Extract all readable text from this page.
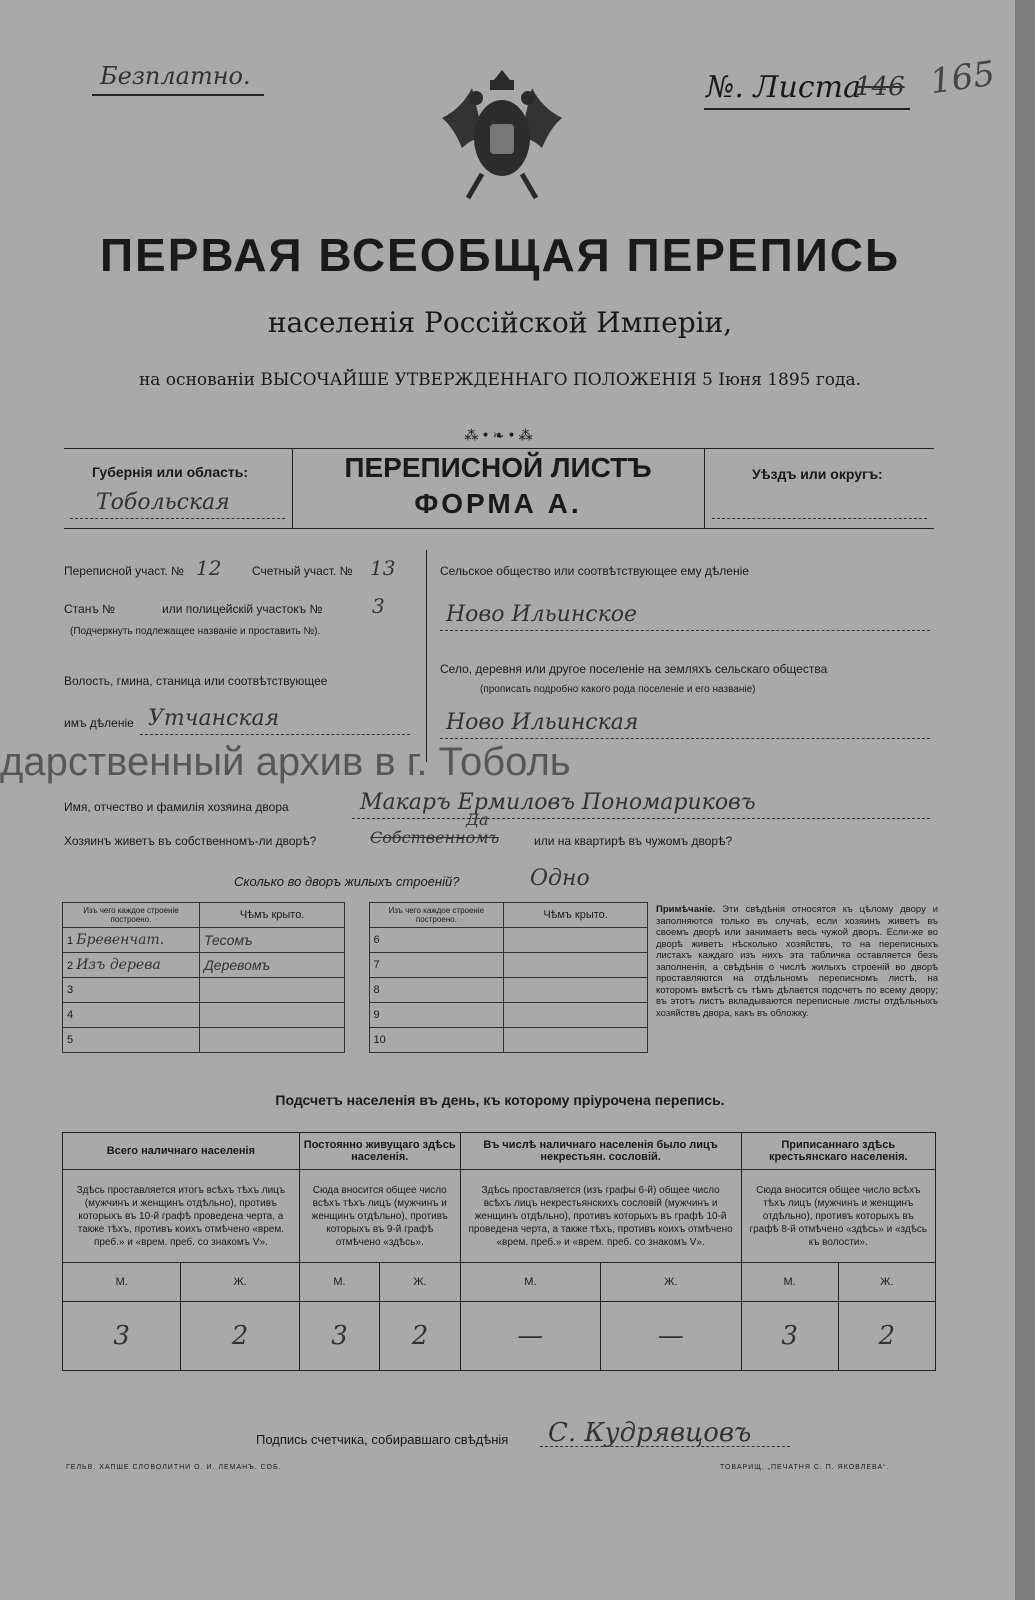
Безплатно.	№. Листа
146 165
ПЕРВАЯ ВСЕОБЩАЯ ПЕРЕПИСЬ
населенія Россійской Имперіи,
на основаніи ВЫСОЧАЙШЕ УТВЕРЖДЕННАГО ПОЛОЖЕНІЯ 5 Іюня 1895 года.
⁂•❧•⁂
Губернія или область:
Тобольская
ПЕРЕПИСНОЙ ЛИСТЪ
ФОРМА А.
Уѣздъ или округъ:
Переписной участ. № 12	Счетный участ. № 13
Станъ №	или полицейскій участокъ № 3
(Подчеркнуть подлежащее названіе и проставить №).
Волость, гмина, станица или соотвѣтствующее
имъ дѣленіе Утчанская
Сельское общество или соотвѣтствующее ему дѣленіе
Ново Ильинское
Село, деревня или другое поселеніе на земляхъ сельскаго общества
(прописать подробно какого рода поселеніе и его названіе)
Ново Ильинская
дарственный архив в г. Тоболь
Имя, отчество и фамилія хозяина двора	Макаръ Ермиловъ Пономариковъ
Хозяинъ живетъ въ собственномъ-ли дворѣ?	Собственномъ
Да
или на квартирѣ въ чужомъ дворѣ?
Сколько во дворъ жилыхъ строеній?	Одно
Изъ чего каждое строеніе построено.	Чѣмъ крыто.		Изъ чего каждое строеніе построено.	Чѣмъ крыто.
1 Бревенчат.	Тесомъ		6	
2 Изъ дерева	Деревомъ		7	
3			8	
4			9	
5			10	
Примѣчаніе. Эти свѣдѣнія относятся къ цѣлому двору и заполняются только въ случаѣ, если хозяинъ живетъ въ своемъ дворѣ или занимаетъ весь чужой дворъ. Если-же во дворѣ живетъ нѣсколько хозяйствъ, то на переписныхъ листахъ каждаго изъ нихъ эта табличка оставляется безъ заполненія, а свѣдѣнія о числѣ жилыхъ строеній во дворѣ проставляются на отдѣльномъ переписномъ листѣ, на которомъ вмѣстѣ съ тѣмъ дѣлается подсчетъ по всему двору; въ этотъ листъ вкладываются переписные листы отдѣльныхъ хозяйствъ двора, какъ въ обложку.
Подсчетъ населенія въ день, къ которому пріурочена перепись.
Всего наличнаго населенія		Постоянно живущаго здѣсь населенія.		Въ числѣ наличнаго населенія было лицъ некрестьян. сословій.		Приписаннаго здѣсь крестьянскаго населенія.	
Здѣсь проставляется итогъ всѣхъ тѣхъ лицъ (мужчинъ и женщинъ отдѣльно), противъ которыхъ въ 10-й графѣ проведена черта, а также тѣхъ, противъ коихъ отмѣчено «врем. преб.» и «врем. преб. со знакомъ V».		Сюда вносится общее число всѣхъ тѣхъ лицъ (мужчинъ и женщинъ отдѣльно), противъ которыхъ въ 9-й графѣ отмѣчено «здѣсь».		Здѣсь проставляется (изъ графы 6-й) общее число всѣхъ лицъ некрестьянскихъ сословій (мужчинъ и женщинъ отдѣльно), противъ которыхъ въ графѣ 10-й проведена черта, а также тѣхъ, противъ коихъ отмѣчено «врем. преб.» и «врем. преб. со знакомъ V».		Сюда вносится общее число всѣхъ тѣхъ лицъ (мужчинъ и женщинъ отдѣльно), противъ которыхъ въ графѣ 8-й отмѣчено «здѣсь» и «здѣсь къ волости».	
М.	Ж.	М.	Ж.	М.	Ж.	М.	Ж.
3	2	3	2	—	—	3	2
Подпись счетчика, собиравшаго свѣдѣнія С. Кудрявцовъ
ГЕЛЬВ. ХАПШЕ СЛОВОЛИТНИ О. И. ЛЕМАНЪ. СОБ.	ТОВАРИЩ. „ПЕЧАТНЯ С. П. ЯКОВЛЕВА“.
